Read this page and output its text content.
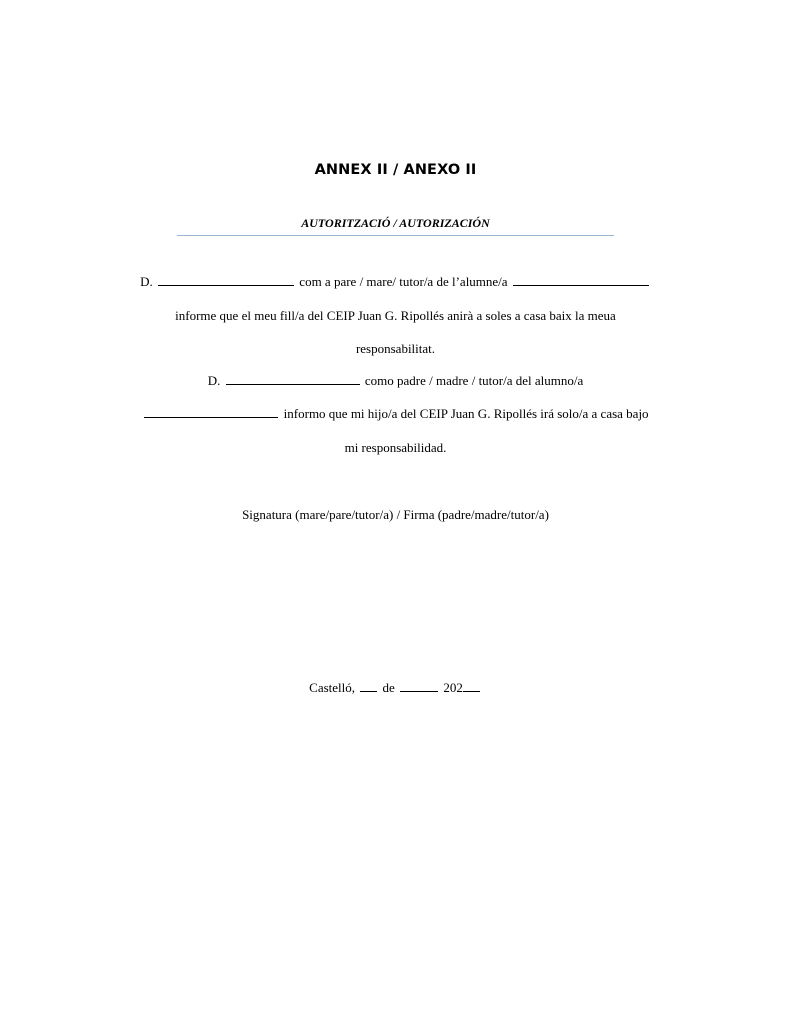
ANNEX II / ANEXO II
AUTORITZACIÓ / AUTORIZACIÓN
D.	com a pare / mare/ tutor/a de l’alumne/a
informe que el meu fill/a del CEIP Juan G. Ripollés anirà a soles a casa baix la meua
responsabilitat.
D.	como padre / madre / tutor/a del alumno/a
informo que mi hijo/a del CEIP Juan G. Ripollés irá solo/a a casa bajo
mi responsabilidad.
Signatura (mare/pare/tutor/a) / Firma (padre/madre/tutor/a)
Castelló, de	202
